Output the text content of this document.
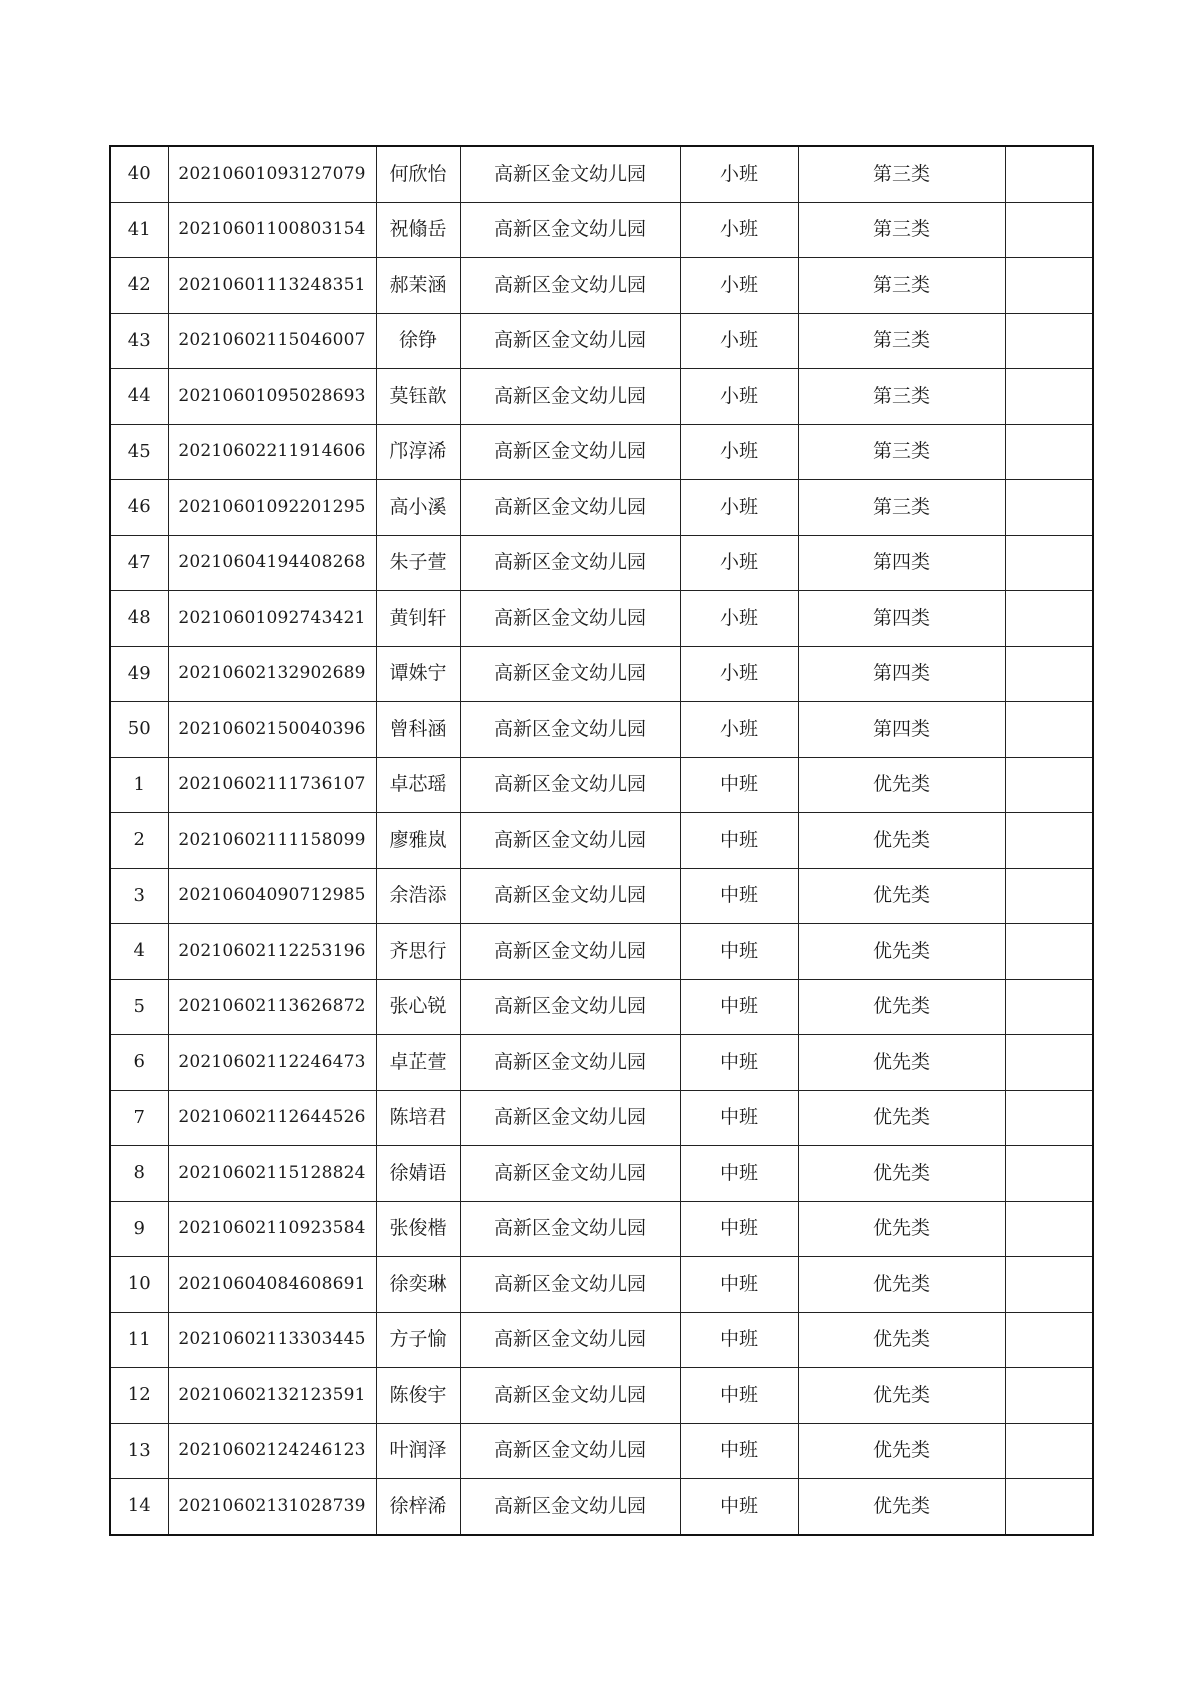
40	20210601093127079	何欣怡	高新区金文幼儿园	小班	第三类	
41	20210601100803154	祝翛岳	高新区金文幼儿园	小班	第三类	
42	20210601113248351	郝茉涵	高新区金文幼儿园	小班	第三类	
43	20210602115046007	徐铮	高新区金文幼儿园	小班	第三类	
44	20210601095028693	莫钰歆	高新区金文幼儿园	小班	第三类	
45	20210602211914606	邝淳浠	高新区金文幼儿园	小班	第三类	
46	20210601092201295	高小溪	高新区金文幼儿园	小班	第三类	
47	20210604194408268	朱子萱	高新区金文幼儿园	小班	第四类	
48	20210601092743421	黄钊轩	高新区金文幼儿园	小班	第四类	
49	20210602132902689	谭姝宁	高新区金文幼儿园	小班	第四类	
50	20210602150040396	曾科涵	高新区金文幼儿园	小班	第四类	
1	20210602111736107	卓芯瑶	高新区金文幼儿园	中班	优先类	
2	20210602111158099	廖雅岚	高新区金文幼儿园	中班	优先类	
3	20210604090712985	余浩添	高新区金文幼儿园	中班	优先类	
4	20210602112253196	齐思行	高新区金文幼儿园	中班	优先类	
5	20210602113626872	张心锐	高新区金文幼儿园	中班	优先类	
6	20210602112246473	卓芷萱	高新区金文幼儿园	中班	优先类	
7	20210602112644526	陈培君	高新区金文幼儿园	中班	优先类	
8	20210602115128824	徐婧语	高新区金文幼儿园	中班	优先类	
9	20210602110923584	张俊楷	高新区金文幼儿园	中班	优先类	
10	20210604084608691	徐奕琳	高新区金文幼儿园	中班	优先类	
11	20210602113303445	方子愉	高新区金文幼儿园	中班	优先类	
12	20210602132123591	陈俊宇	高新区金文幼儿园	中班	优先类	
13	20210602124246123	叶润泽	高新区金文幼儿园	中班	优先类	
14	20210602131028739	徐梓浠	高新区金文幼儿园	中班	优先类	
